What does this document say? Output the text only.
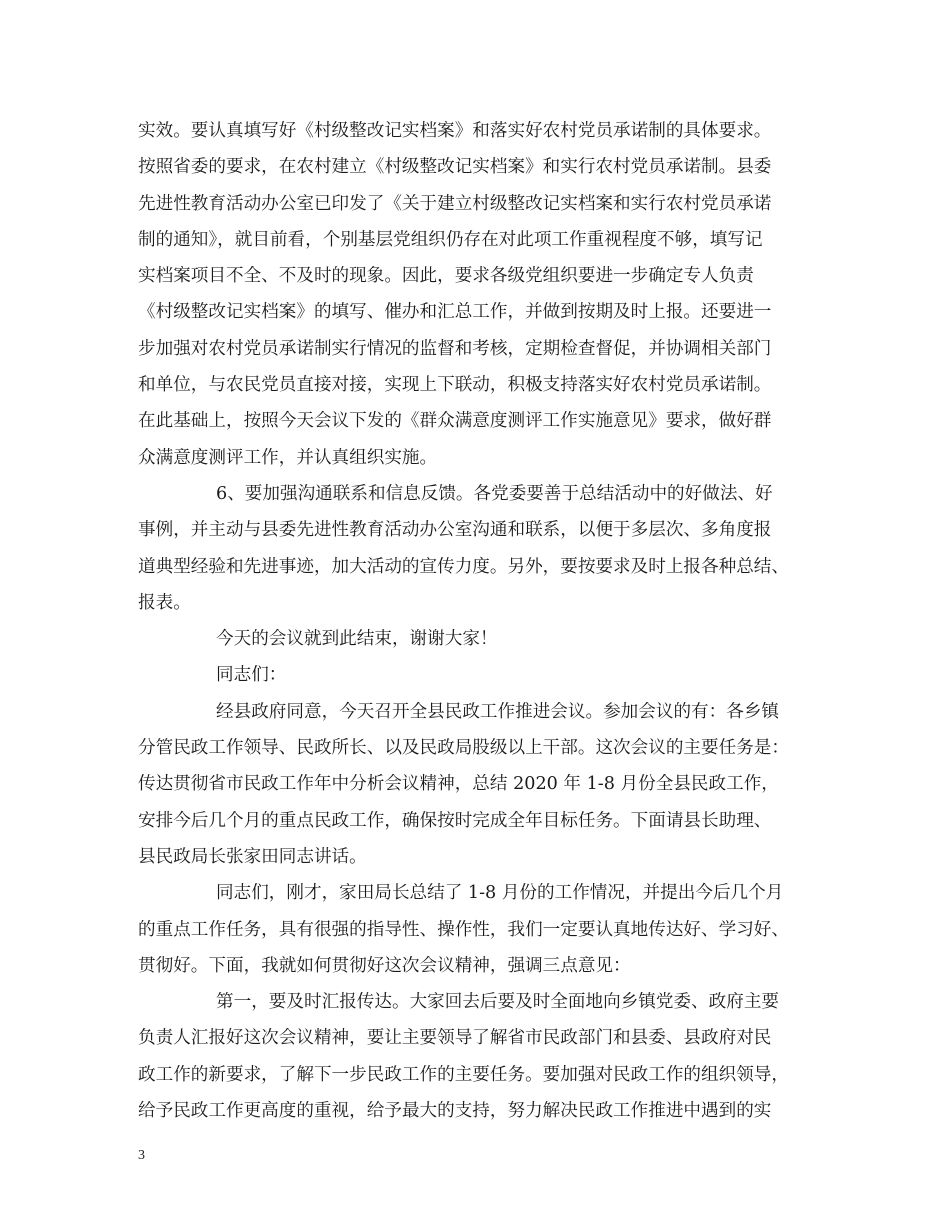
实效。要认真填写好《村级整改记实档案》和落实好农村党员承诺制的具体要求。
按照省委的要求，在农村建立《村级整改记实档案》和实行农村党员承诺制。县委
先进性教育活动办公室已印发了《关于建立村级整改记实档案和实行农村党员承诺
制的通知》，就目前看，个别基层党组织仍存在对此项工作重视程度不够，填写记
实档案项目不全、不及时的现象。因此，要求各级党组织要进一步确定专人负责
《村级整改记实档案》的填写、催办和汇总工作，并做到按期及时上报。还要进一
步加强对农村党员承诺制实行情况的监督和考核，定期检查督促，并协调相关部门
和单位，与农民党员直接对接，实现上下联动，积极支持落实好农村党员承诺制。
在此基础上，按照今天会议下发的《群众满意度测评工作实施意见》要求，做好群
众满意度测评工作，并认真组织实施。
6、要加强沟通联系和信息反馈。各党委要善于总结活动中的好做法、好
事例，并主动与县委先进性教育活动办公室沟通和联系，以便于多层次、多角度报
道典型经验和先进事迹，加大活动的宣传力度。另外，要按要求及时上报各种总结、
报表。
今天的会议就到此结束，谢谢大家！
同志们：
经县政府同意，今天召开全县民政工作推进会议。参加会议的有：各乡镇
分管民政工作领导、民政所长、以及民政局股级以上干部。这次会议的主要任务是：
传达贯彻省市民政工作年中分析会议精神，总结 2020 年 1-8 月份全县民政工作，
安排今后几个月的重点民政工作，确保按时完成全年目标任务。下面请县长助理、
县民政局长张家田同志讲话。
同志们，刚才，家田局长总结了 1-8 月份的工作情况，并提出今后几个月
的重点工作任务，具有很强的指导性、操作性，我们一定要认真地传达好、学习好、
贯彻好。下面，我就如何贯彻好这次会议精神，强调三点意见：
第一，要及时汇报传达。大家回去后要及时全面地向乡镇党委、政府主要
负责人汇报好这次会议精神，要让主要领导了解省市民政部门和县委、县政府对民
政工作的新要求，了解下一步民政工作的主要任务。要加强对民政工作的组织领导，
给予民政工作更高度的重视，给予最大的支持，努力解决民政工作推进中遇到的实
3
